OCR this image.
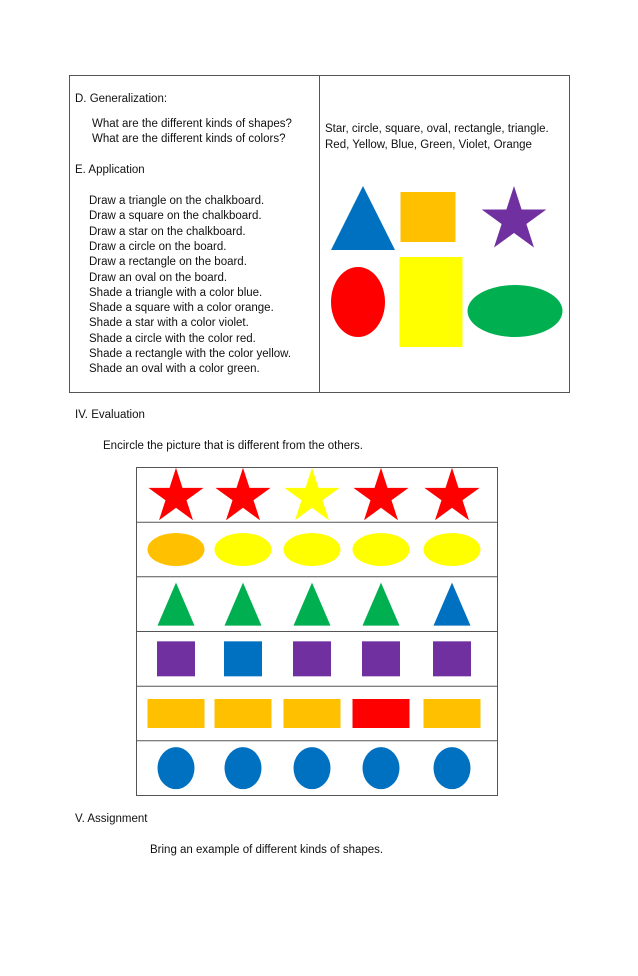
D. Generalization:
What are the different kinds of shapes?
What are the different kinds of colors?
E. Application
Draw a triangle on the chalkboard.
Draw a square on the chalkboard.
Draw a star on the chalkboard.
Draw a circle on the board.
Draw a rectangle on the board.
Draw an oval on the board.
Shade a triangle with a color blue.
Shade a square with a color orange.
Shade a star with a color violet.
Shade a circle with the color red.
Shade a rectangle with the color yellow.
Shade an oval with a color green.
Star, circle, square, oval, rectangle, triangle.
Red, Yellow, Blue, Green, Violet, Orange
IV. Evaluation
Encircle the picture that is different from the others.
V. Assignment
Bring an example of different kinds of shapes.
